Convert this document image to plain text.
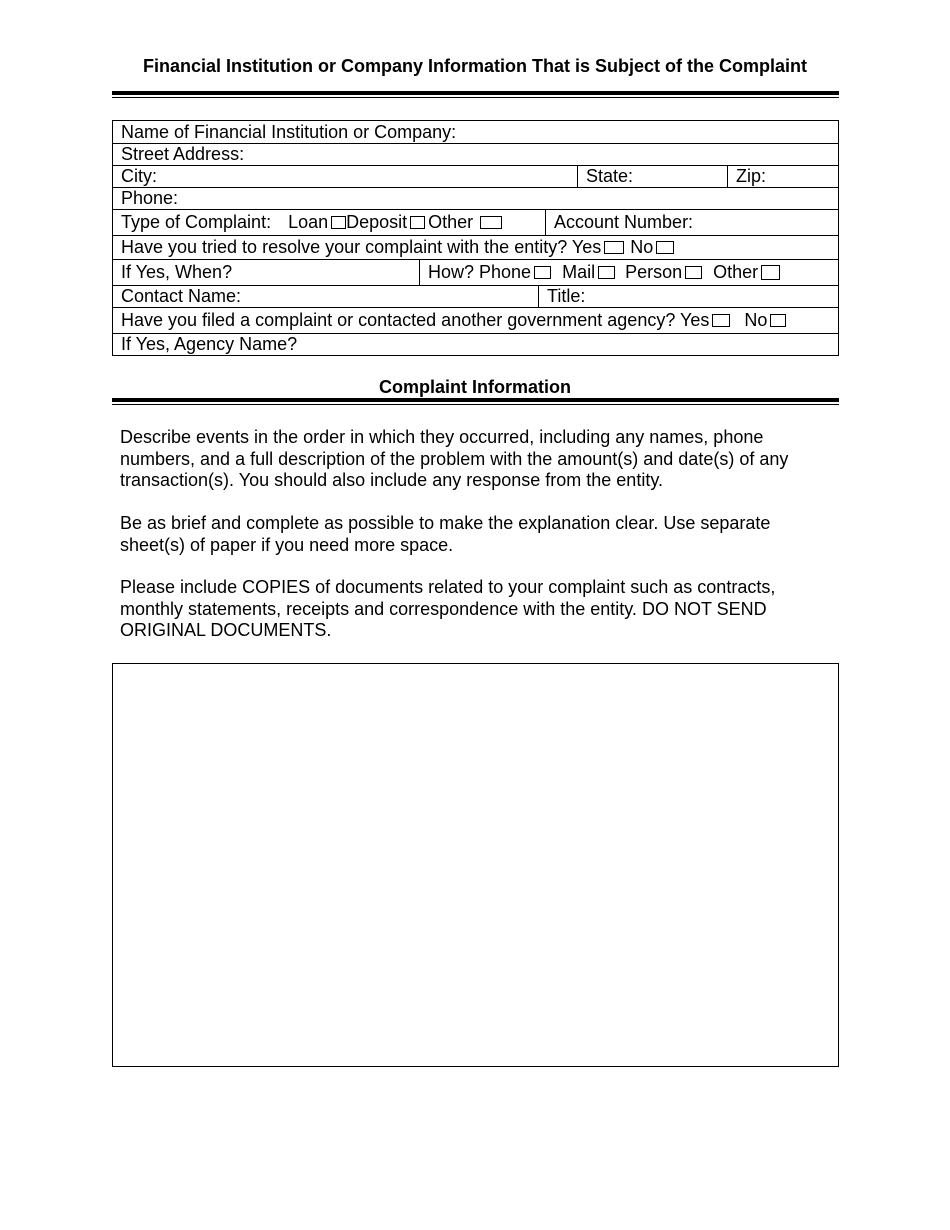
Financial Institution or Company Information That is Subject of the Complaint
Name of Financial Institution or Company:
Street Address:
City:	State:	Zip:
Phone:
Type of Complaint: Loan Deposit Other	Account Number:
Have you tried to resolve your complaint with the entity? Yes No
If Yes, When?	How? Phone Mail Person Other
Contact Name:	Title:
Have you filed a complaint or contacted another government agency? Yes No
If Yes, Agency Name?
Complaint Information

Describe events in the order in which they occurred, including any names, phone numbers, and a full description of the problem with the amount(s) and date(s) of any transaction(s). You should also include any response from the entity.

Be as brief and complete as possible to make the explanation clear. Use separate sheet(s) of paper if you need more space.

Please include COPIES of documents related to your complaint such as contracts, monthly statements, receipts and correspondence with the entity. DO NOT SEND ORIGINAL DOCUMENTS.
